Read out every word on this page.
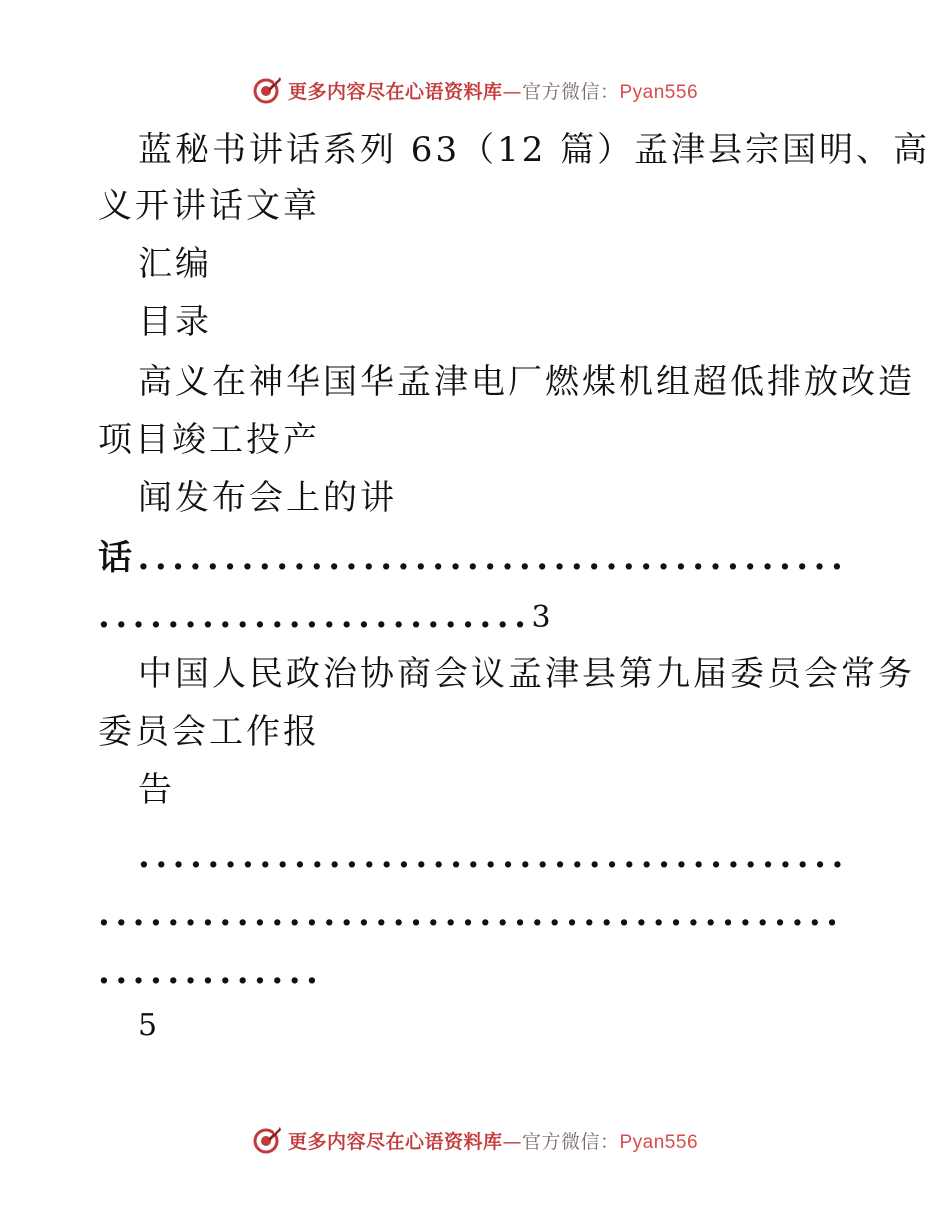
更多内容尽在心语资料库—官方微信：Pyan556
蓝秘书讲话系列 63（12 篇）孟津县宗国明、高
义开讲话文章
汇编
目录
高义在神华国华孟津电厂燃煤机组超低排放改造
项目竣工投产
闻发布会上的讲
话.........................................
.........................3
中国人民政治协商会议孟津县第九届委员会常务
委员会工作报
告
.........................................
...........................................
.............
5
更多内容尽在心语资料库—官方微信：Pyan556
